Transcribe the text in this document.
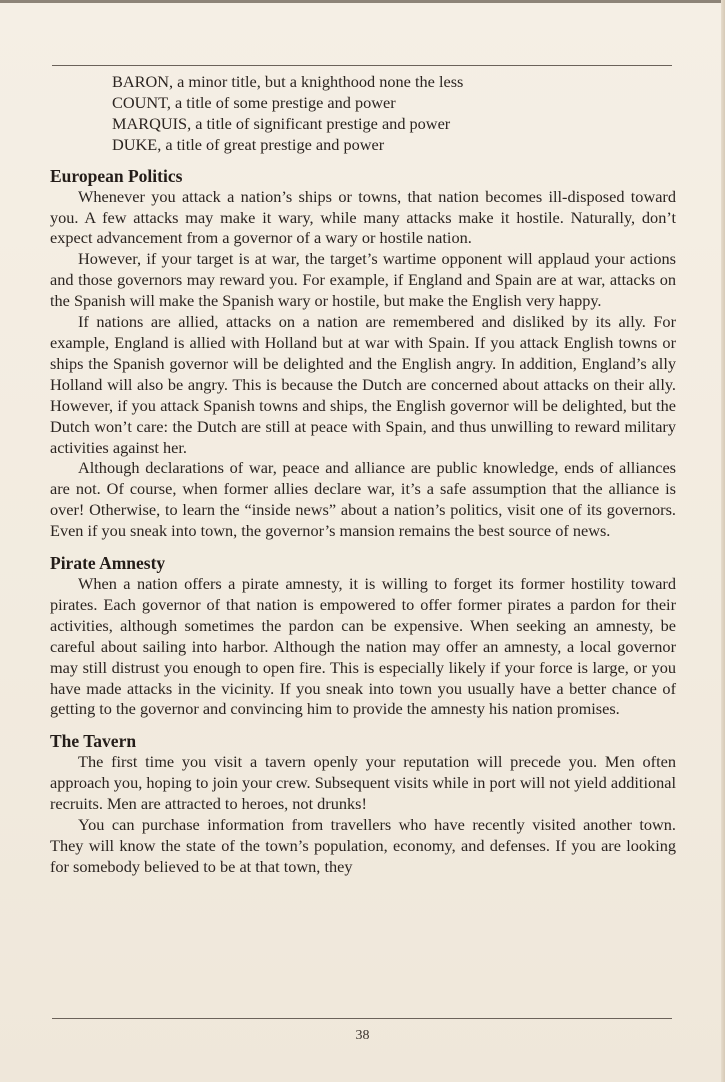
BARON, a minor title, but a knighthood none the less
COUNT, a title of some prestige and power
MARQUIS, a title of significant prestige and power
DUKE, a title of great prestige and power
European Politics

Whenever you attack a nation’s ships or towns, that nation becomes ill-disposed toward you. A few attacks may make it wary, while many attacks make it hostile. Naturally, don’t expect advancement from a governor of a wary or hostile nation.

However, if your target is at war, the target’s wartime opponent will applaud your actions and those governors may reward you. For example, if England and Spain are at war, attacks on the Spanish will make the Spanish wary or hostile, but make the English very happy.

If nations are allied, attacks on a nation are remembered and disliked by its ally. For example, England is allied with Holland but at war with Spain. If you attack English towns or ships the Spanish governor will be delighted and the English angry. In addition, England’s ally Holland will also be angry. This is because the Dutch are concerned about attacks on their ally. However, if you attack Spanish towns and ships, the English governor will be delighted, but the Dutch won’t care: the Dutch are still at peace with Spain, and thus unwilling to reward military activities against her.

Although declarations of war, peace and alliance are public knowledge, ends of alliances are not. Of course, when former allies declare war, it’s a safe assumption that the alliance is over! Otherwise, to learn the “inside news” about a nation’s politics, visit one of its governors. Even if you sneak into town, the governor’s mansion remains the best source of news.

Pirate Amnesty

When a nation offers a pirate amnesty, it is willing to forget its former hostility toward pirates. Each governor of that nation is empowered to offer former pirates a pardon for their activities, although sometimes the pardon can be expensive. When seeking an amnesty, be careful about sailing into harbor. Although the nation may offer an amnesty, a local governor may still distrust you enough to open fire. This is especially likely if your force is large, or you have made attacks in the vicinity. If you sneak into town you usually have a better chance of getting to the governor and convincing him to provide the amnesty his nation promises.

The Tavern

The first time you visit a tavern openly your reputation will precede you. Men often approach you, hoping to join your crew. Subsequent visits while in port will not yield additional recruits. Men are attracted to heroes, not drunks!

You can purchase information from travellers who have recently visited another town. They will know the state of the town’s population, economy, and defenses. If you are looking for somebody believed to be at that town, they

38
